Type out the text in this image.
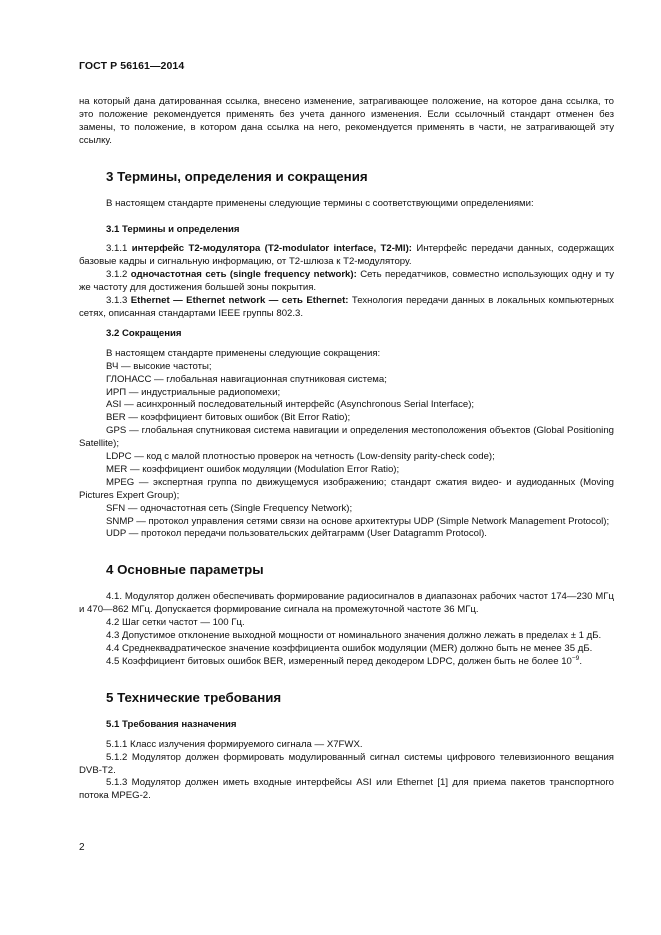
ГОСТ Р 56161—2014

на который дана датированная ссылка, внесено изменение, затрагивающее положение, на которое дана ссылка, то это положение рекомендуется применять без учета данного изменения. Если ссылочный стандарт отменен без замены, то положение, в котором дана ссылка на него, рекомендуется применять в части, не затрагивающей эту ссылку.

3 Термины, определения и сокращения

В настоящем стандарте применены следующие термины с соответствующими определениями:

3.1 Термины и определения

3.1.1 интерфейс Т2-модулятора (T2-modulator interface, T2-MI): Интерфейс передачи данных, содержащих базовые кадры и сигнальную информацию, от Т2-шлюза к Т2-модулятору.

3.1.2 одночастотная сеть (single frequency network): Сеть передатчиков, совместно использующих одну и ту же частоту для достижения большей зоны покрытия.

3.1.3 Ethernet — Ethernet network — сеть Ethernet: Технология передачи данных в локальных компьютерных сетях, описанная стандартами IEEE группы 802.3.

3.2 Сокращения

В настоящем стандарте применены следующие сокращения:

ВЧ — высокие частоты;

ГЛОНАСС — глобальная навигационная спутниковая система;

ИРП — индустриальные радиопомехи;

ASI — асинхронный последовательный интерфейс (Asynchronous Serial Interface);

BER — коэффициент битовых ошибок (Bit Error Ratio);

GPS — глобальная спутниковая система навигации и определения местоположения объектов (Global Positioning Satellite);

LDPC — код с малой плотностью проверок на четность (Low-density parity-check code);

MER — коэффициент ошибок модуляции (Modulation Error Ratio);

MPEG — экспертная группа по движущемуся изображению; стандарт сжатия видео- и аудиоданных (Moving Pictures Expert Group);

SFN — одночастотная сеть (Single Frequency Network);

SNMP — протокол управления сетями связи на основе архитектуры UDP (Simple Network Management Protocol);

UDP — протокол передачи пользовательских дейтаграмм (User Datagramm Protocol).

4 Основные параметры

4.1. Модулятор должен обеспечивать формирование радиосигналов в диапазонах рабочих частот 174—230 МГц и 470—862 МГц. Допускается формирование сигнала на промежуточной частоте 36 МГц.

4.2 Шаг сетки частот — 100 Гц.

4.3 Допустимое отклонение выходной мощности от номинального значения должно лежать в пределах ± 1 дБ.

4.4 Среднеквадратическое значение коэффициента ошибок модуляции (MER) должно быть не менее 35 дБ.

4.5 Коэффициент битовых ошибок BER, измеренный перед декодером LDPC, должен быть не более $10^{-9}$.

5 Технические требования
5.1 Требования назначения

5.1.1 Класс излучения формируемого сигнала — X7FWX.

5.1.2 Модулятор должен формировать модулированный сигнал системы цифрового телевизионного вещания DVB-T2.

5.1.3 Модулятор должен иметь входные интерфейсы ASI или Ethernet [1] для приема пакетов транспортного потока MPEG-2.

2
